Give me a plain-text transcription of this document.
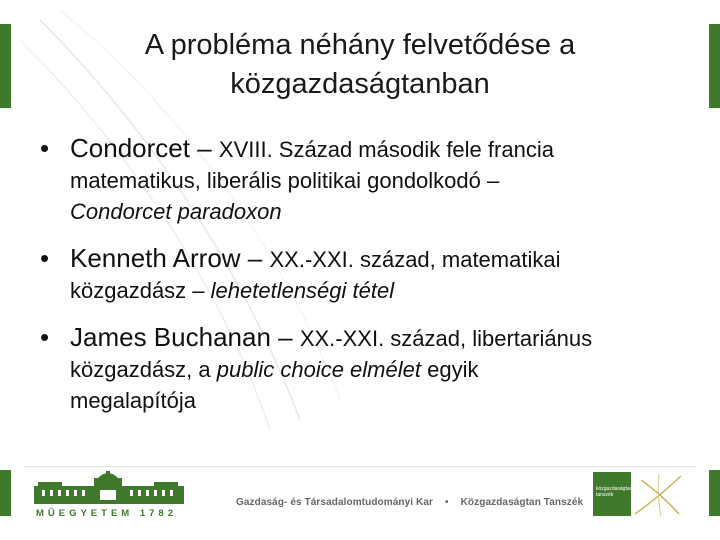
A probléma néhány felvetődése a
közgazdaságtanban
• Condorcet – XVIII. Század második fele francia
matematikus, liberális politikai gondolkodó –
Condorcet paradoxon
• Kenneth Arrow – XX.-XXI. század, matematikai
közgazdász – lehetetlenségi tétel
• James Buchanan – XX.-XXI. század, libertariánus
közgazdász, a public choice elmélet egyik
megalapítója
MŰEGYETEM 1782
Gazdaság- és Társadalomtudományi Kar • Közgazdaságtan Tanszék
közgazdaságtan tanszék
